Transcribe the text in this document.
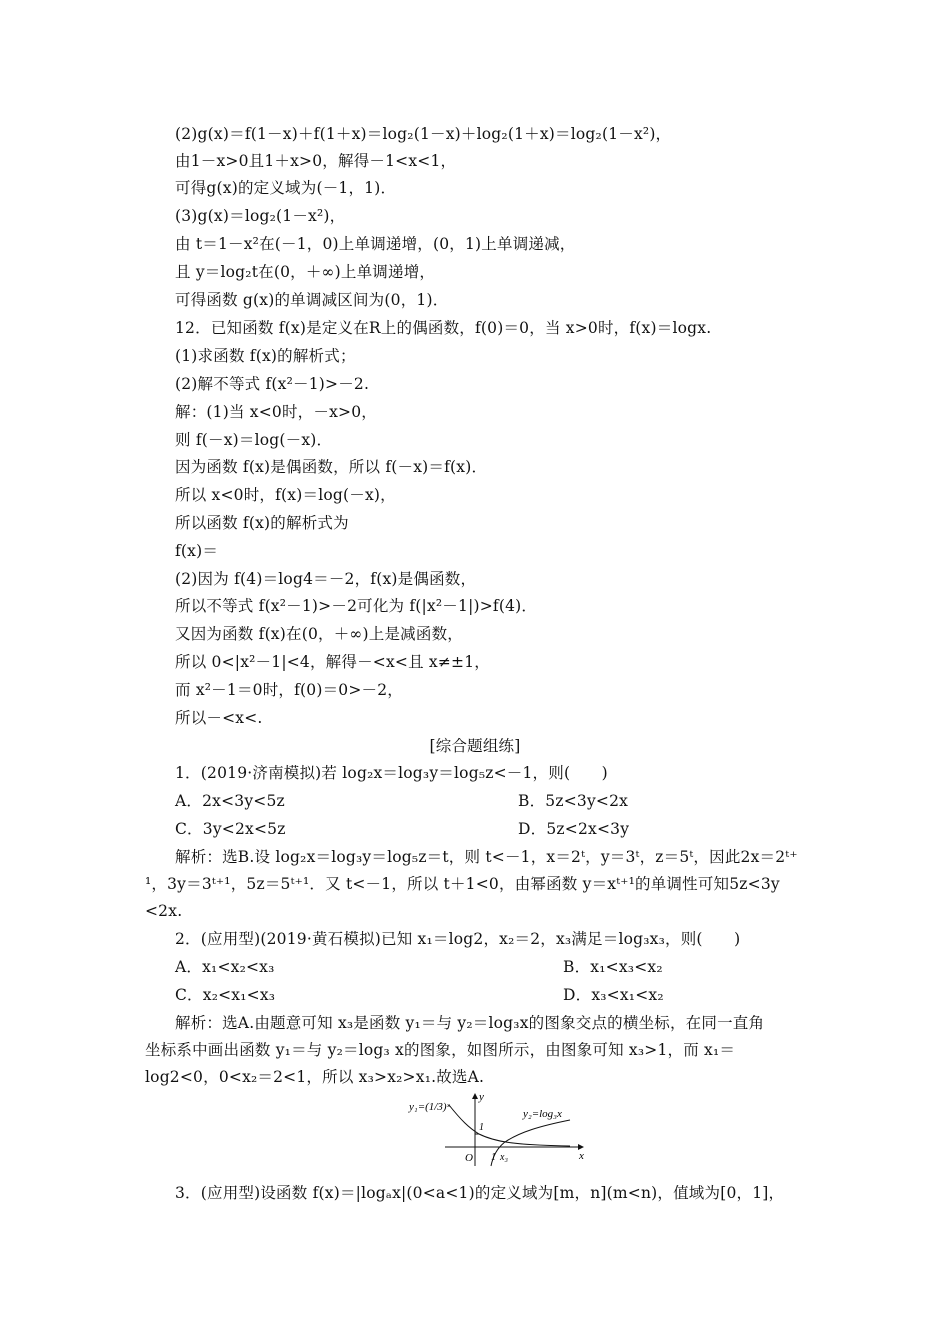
(2)g(x)＝f(1－x)＋f(1＋x)＝log₂(1－x)＋log₂(1＋x)＝log₂(1－x²)，
由1－x>0且1＋x>0，解得－1<x<1，
可得g(x)的定义域为(－1，1)．
(3)g(x)＝log₂(1－x²)，
由 t＝1－x²在(－1，0)上单调递增，(0，1)上单调递减，
且 y＝log₂t在(0，＋∞)上单调递增，
可得函数 g(x)的单调减区间为(0，1)．
12．已知函数 f(x)是定义在R上的偶函数，f(0)＝0，当 x>0时，f(x)＝logx.
(1)求函数 f(x)的解析式；
(2)解不等式 f(x²－1)>－2.
解：(1)当 x<0时，－x>0，
则 f(－x)＝log(－x)．
因为函数 f(x)是偶函数，所以 f(－x)＝f(x)．
所以 x<0时，f(x)＝log(－x)，
所以函数 f(x)的解析式为
f(x)＝
(2)因为 f(4)＝log4＝－2，f(x)是偶函数，
所以不等式 f(x²－1)>－2可化为 f(|x²－1|)>f(4)．
又因为函数 f(x)在(0，＋∞)上是减函数，
所以 0<|x²－1|<4，解得－<x<且 x≠±1，
而 x²－1＝0时，f(0)＝0>－2，
所以－<x<.
[综合题组练]
1．(2019·济南模拟)若 log₂x＝log₃y＝log₅z<－1，则(　　)
A．2x<3y<5z	B．5z<3y<2x
C．3y<2x<5z	D．5z<2x<3y
解析：选B.设 log₂x＝log₃y＝log₅z＝t，则 t<－1，x＝2ᵗ，y＝3ᵗ，z＝5ᵗ，因此2x＝2ᵗ⁺
¹，3y＝3ᵗ⁺¹，5z＝5ᵗ⁺¹．又 t<－1，所以 t＋1<0，由幂函数 y＝xᵗ⁺¹的单调性可知5z<3y
<2x.
2．(应用型)(2019·黄石模拟)已知 x₁＝log2，x₂＝2，x₃满足＝log₃x₃，则(　　)
A．x₁<x₂<x₃	B．x₁<x₃<x₂
C．x₂<x₁<x₃	D．x₃<x₁<x₂
解析：选A.由题意可知 x₃是函数 y₁＝与 y₂＝log₃x的图象交点的横坐标，在同一直角
坐标系中画出函数 y₁＝与 y₂＝log₃ x的图象，如图所示，由图象可知 x₃>1，而 x₁＝
log2<0，0<x₂＝2<1，所以 x₃>x₂>x₁.故选A.
y₁=(1/3)ˣ
y₂=log₃x
y
x
O
1
1 x₃
3．(应用型)设函数 f(x)＝|logₐx|(0<a<1)的定义域为[m，n](m<n)，值域为[0，1]，
